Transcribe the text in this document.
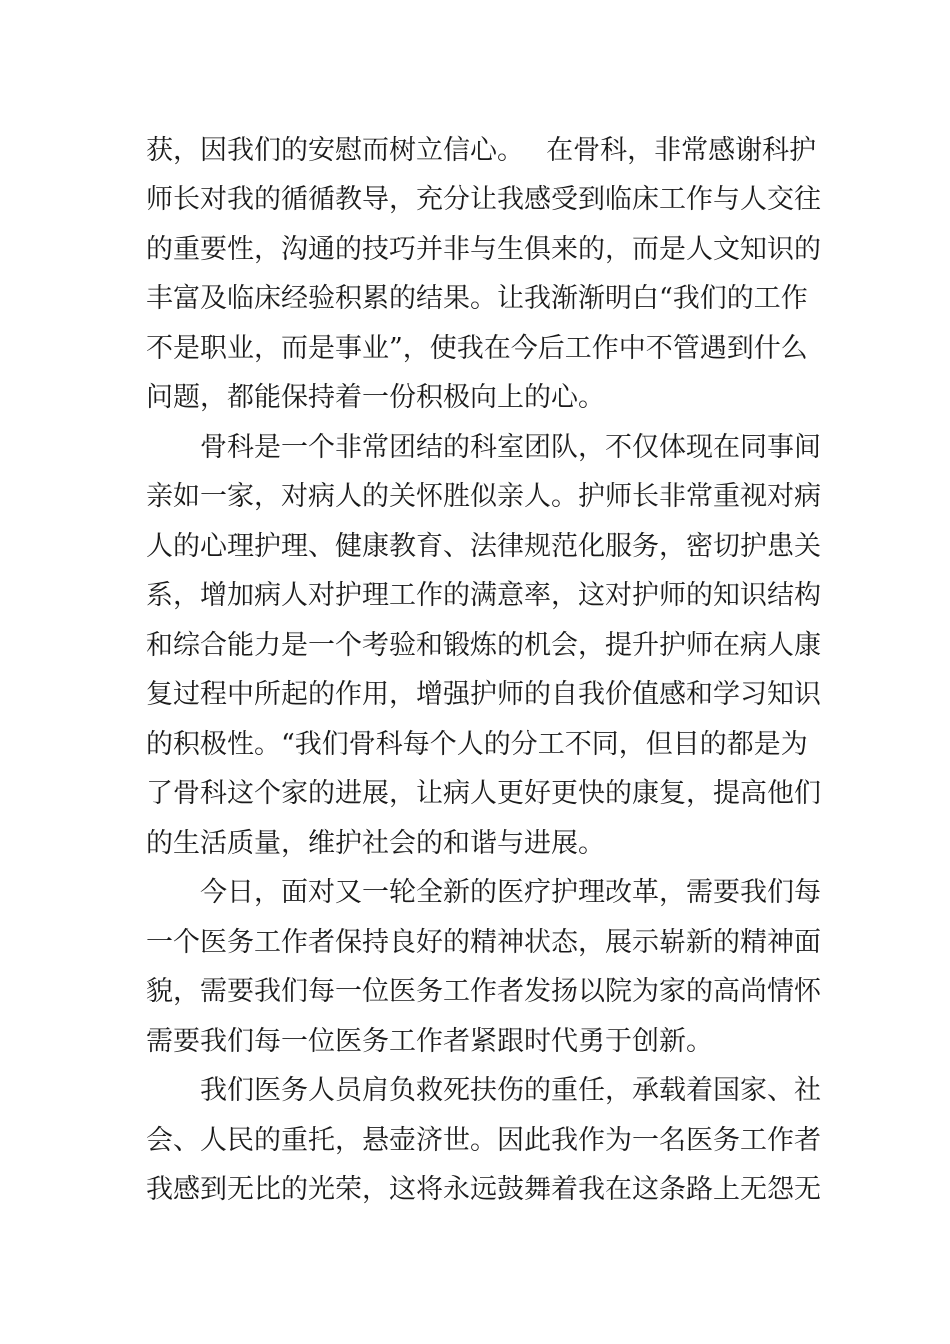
获，因我们的安慰而树立信心。　 在骨科，非常感谢科护
师长对我的循循教导，充分让我感受到临床工作与人交往
的重要性，沟通的技巧并非与生俱来的，而是人文知识的
丰富及临床经验积累的结果。让我渐渐明白“我们的工作
不是职业，而是事业”，使我在今后工作中不管遇到什么
问题，都能保持着一份积极向上的心。
骨科是一个非常团结的科室团队，不仅体现在同事间
亲如一家，对病人的关怀胜似亲人。护师长非常重视对病
人的心理护理、健康教育、法律规范化服务，密切护患关
系，增加病人对护理工作的满意率，这对护师的知识结构
和综合能力是一个考验和锻炼的机会，提升护师在病人康
复过程中所起的作用，增强护师的自我价值感和学习知识
的积极性。“我们骨科每个人的分工不同，但目的都是为
了骨科这个家的进展，让病人更好更快的康复，提高他们
的生活质量，维护社会的和谐与进展。
今日，面对又一轮全新的医疗护理改革，需要我们每
一个医务工作者保持良好的精神状态，展示崭新的精神面
貌，需要我们每一位医务工作者发扬以院为家的高尚情怀
需要我们每一位医务工作者紧跟时代勇于创新。
我们医务人员肩负救死扶伤的重任，承载着国家、社
会、人民的重托，悬壶济世。因此我作为一名医务工作者
我感到无比的光荣，这将永远鼓舞着我在这条路上无怨无
